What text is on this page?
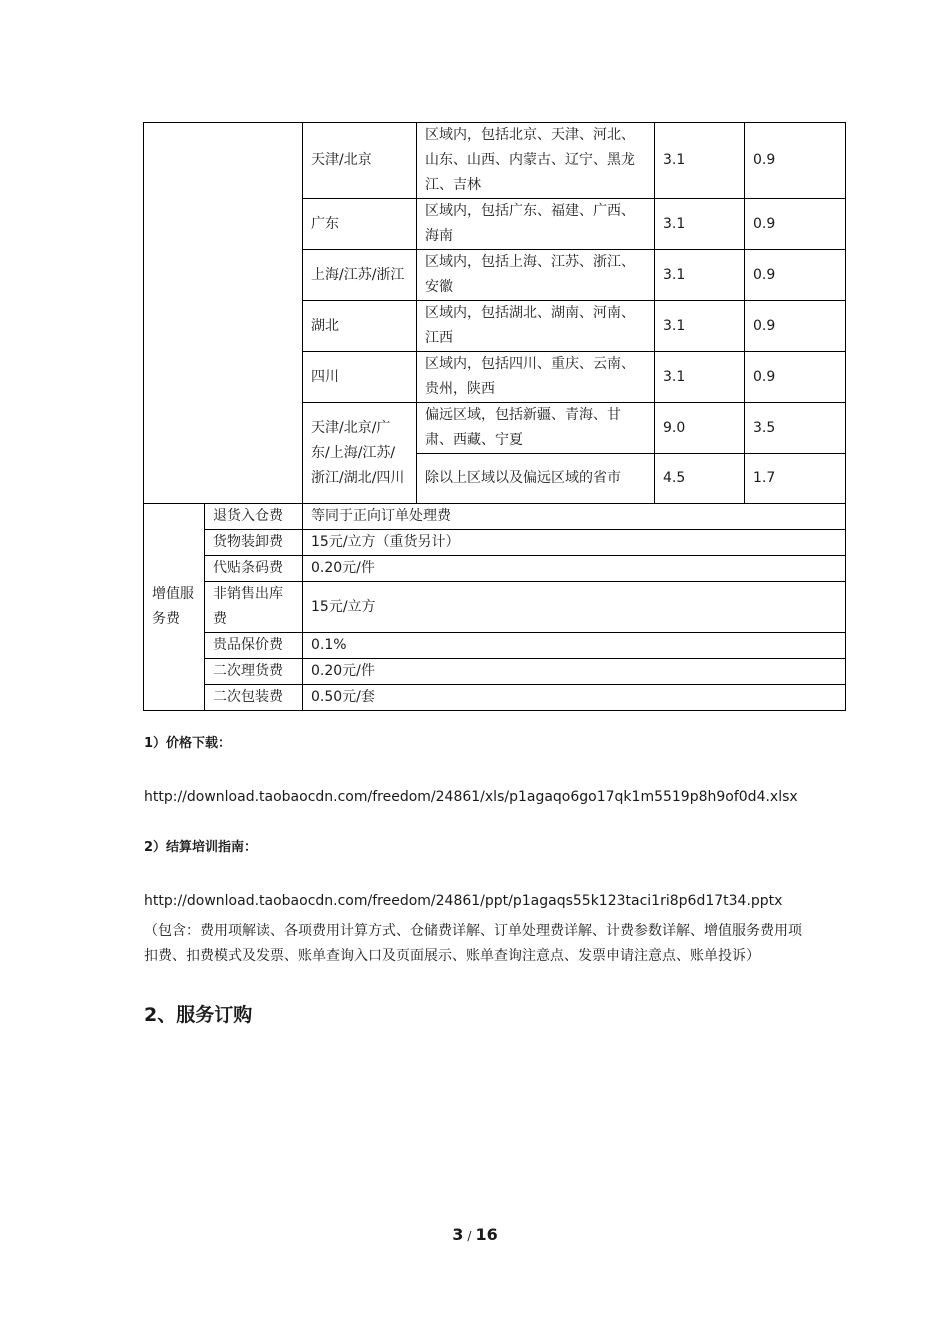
		天津/北京	区域内，包括北京、天津、河北、山东、山西、内蒙古、辽宁、黑龙江、吉林	3.1	0.9
		广东	区域内，包括广东、福建、广西、海南	3.1	0.9
		上海/江苏/浙江	区域内，包括上海、江苏、浙江、安徽	3.1	0.9
		湖北	区域内，包括湖北、湖南、河南、江西	3.1	0.9
		四川	区域内，包括四川、重庆、云南、贵州，陕西	3.1	0.9
		天津/北京/广东/上海/江苏/浙江/湖北/四川	偏远区域，包括新疆、青海、甘肃、西藏、宁夏	9.0	3.5
			除以上区域以及偏远区域的省市	4.5	1.7
增值服务费	退货入仓费	等同于正向订单处理费			
	货物装卸费	15元/立方（重货另计）			
	代贴条码费	0.20元/件			
	非销售出库费	15元/立方			
	贵品保价费	0.1%			
	二次理货费	0.20元/件			
	二次包装费	0.50元/套			
1）价格下载：
http://download.taobaocdn.com/freedom/24861/xls/p1agaqo6go17qk1m5519p8h9of0d4.xlsx
2）结算培训指南：
http://download.taobaocdn.com/freedom/24861/ppt/p1agaqs55k123taci1ri8p6d17t34.pptx
（包含：费用项解读、各项费用计算方式、仓储费详解、订单处理费详解、计费参数详解、增值服务费用项扣费、扣费模式及发票、账单查询入口及页面展示、账单查询注意点、发票申请注意点、账单投诉）
2、服务订购
3 / 16
